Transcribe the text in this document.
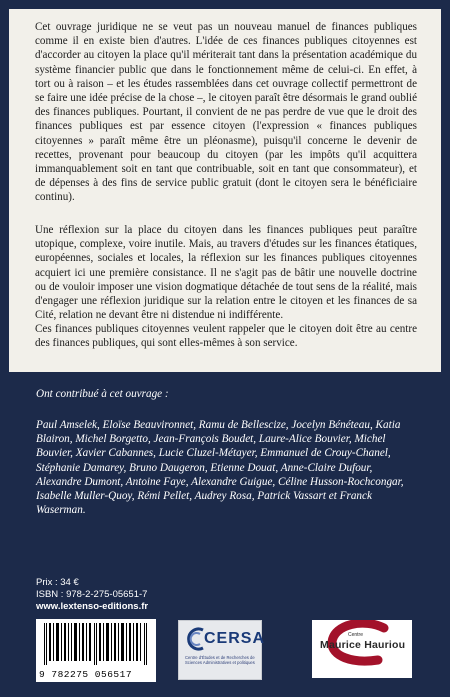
Cet ouvrage juridique ne se veut pas un nouveau manuel de finances publiques comme il en existe bien d'autres. L'idée de ces finances publiques citoyennes est d'accorder au citoyen la place qu'il mériterait tant dans la présentation académique du système financier public que dans le fonctionnement même de celui-ci. En effet, à tort ou à raison – et les études rassemblées dans cet ouvrage collectif permettront de se faire une idée précise de la chose –, le citoyen paraît être désormais le grand oublié des finances publiques. Pourtant, il convient de ne pas perdre de vue que le droit des finances publiques est par essence citoyen (l'expression « finances publiques citoyennes » paraît même être un pléonasme), puisqu'il concerne le devenir de recettes, provenant pour beaucoup du citoyen (par les impôts qu'il acquittera immanquablement soit en tant que contribuable, soit en tant que consommateur), et de dépenses à des fins de service public gratuit (dont le citoyen sera le bénéficiaire continu).

Une réflexion sur la place du citoyen dans les finances publiques peut paraître utopique, complexe, voire inutile. Mais, au travers d'études sur les finances étatiques, européennes, sociales et locales, la réflexion sur les finances publiques citoyennes acquiert ici une première consistance. Il ne s'agit pas de bâtir une nouvelle doctrine ou de vouloir imposer une vision dogmatique détachée de tout sens de la réalité, mais d'engager une réflexion juridique sur la relation entre le citoyen et les finances de sa Cité, relation ne devant être ni distendue ni indifférente.

Ces finances publiques citoyennes veulent rappeler que le citoyen doit être au centre des finances publiques, qui sont elles-mêmes à son service.

Ont contribué à cet ouvrage :

Paul Amselek, Eloïse Beauvironnet, Ramu de Bellescize, Jocelyn Bénéteau, Katia Blairon, Michel Borgetto, Jean-François Boudet, Laure-Alice Bouvier, Michel Bouvier, Xavier Cabannes, Lucie Cluzel-Métayer, Emmanuel de Crouy-Chanel, Stéphanie Damarey, Bruno Daugeron, Etienne Douat, Anne-Claire Dufour, Alexandre Dumont, Antoine Faye, Alexandre Guigue, Céline Husson-Rochcongar, Isabelle Muller-Quoy, Rémi Pellet, Audrey Rosa, Patrick Vassart et Franck Waserman.

Prix : 34 €
ISBN : 978-2-275-05651-7
www.lextenso-editions.fr
9 782275 056517
CERSA
Centre d'Études et de Recherches de Sciences Administratives et politiques
Centre
Maurice Hauriou
